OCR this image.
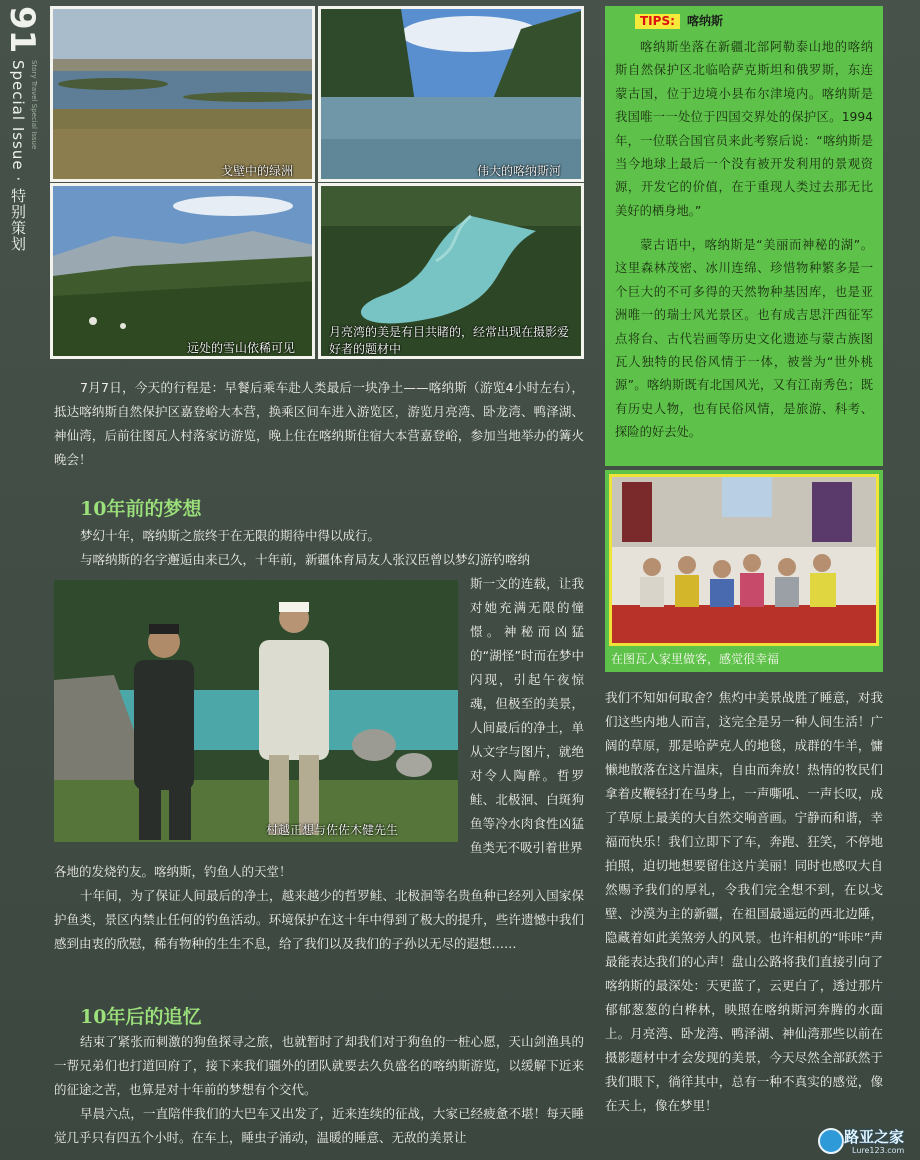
91
Special Issue · 特别策划 Story Travel Special Issue
戈壁中的绿洲	伟大的喀纳斯河
远处的雪山依稀可见
月亮湾的美是有目共睹的，经常出现在摄影爱好者的题材中

7月7日，今天的行程是：早餐后乘车赴人类最后一块净土——喀纳斯（游览4小时左右），抵达喀纳斯自然保护区嘉登峪大本营，换乘区间车进入游览区，游览月亮湾、卧龙湾、鸭泽湖、神仙湾，后前往图瓦人村落家访游览，晚上住在喀纳斯住宿大本营嘉登峪，参加当地举办的篝火晚会！

10年前的梦想

梦幻十年，喀纳斯之旅终于在无限的期待中得以成行。

与喀纳斯的名字邂逅由来已久，十年前，新疆体育局友人张汉臣曾以梦幻游钓喀纳

村越正想与佐佐木健先生

斯一文的连载，让我对她充满无限的憧憬。神秘而凶猛的“湖怪”时而在梦中闪现，引起午夜惊魂，但极至的美景，人间最后的净土，单从文字与图片，就绝对令人陶醉。哲罗鲑、北极洄、白斑狗鱼等冷水肉食性凶猛鱼类无不吸引着世界

各地的发烧钓友。喀纳斯，钓鱼人的天堂！

十年间，为了保证人间最后的净土，越来越少的哲罗鲑、北极洄等名贵鱼种已经列入国家保护鱼类，景区内禁止任何的钓鱼活动。环境保护在这十年中得到了极大的提升，些许遗憾中我们感到由衷的欣慰，稀有物种的生生不息，给了我们以及我们的子孙以无尽的遐想……

10年后的追忆

结束了紧张而刺激的狗鱼探寻之旅，也就暂时了却我们对于狗鱼的一桩心愿，天山剑渔具的一帮兄弟们也打道回府了，接下来我们疆外的团队就要去久负盛名的喀纳斯游览，以缓解下近来的征途之苦，也算是对十年前的梦想有个交代。

早晨六点，一直陪伴我们的大巴车又出发了，近来连续的征战，大家已经疲惫不堪！每天睡觉几乎只有四五个小时。在车上，睡虫子涌动，温暖的睡意、无敌的美景让

我们不知如何取舍？焦灼中美景战胜了睡意，对我们这些内地人而言，这完全是另一种人间生活！广阔的草原，那是哈萨克人的地毯，成群的牛羊，慵懒地散落在这片温床，自由而奔放！热情的牧民们拿着皮鞭轻打在马身上，一声嘶吼、一声长叹，成了草原上最美的大自然交响音画。宁静而和谐，幸福而快乐！我们立即下了车，奔跑、狂笑，不停地拍照，迫切地想要留住这片美丽！同时也感叹大自然赐予我们的厚礼，令我们完全想不到，在以戈壁、沙漠为主的新疆，在祖国最遥远的西北边陲，隐藏着如此美煞旁人的风景。也许相机的“咔咔”声最能表达我们的心声！盘山公路将我们直接引向了喀纳斯的最深处：天更蓝了，云更白了，透过那片郁郁葱葱的白桦林，映照在喀纳斯河奔腾的水面上。月亮湾、卧龙湾、鸭泽湖、神仙湾那些以前在摄影题材中才会发现的美景，今天尽然全部跃然于我们眼下，徜徉其中，总有一种不真实的感觉，像在天上，像在梦里！

TIPS:	喀纳斯

喀纳斯坐落在新疆北部阿勒泰山地的喀纳斯自然保护区北临哈萨克斯坦和俄罗斯，东连蒙古国，位于边境小县布尔津境内。喀纳斯是我国唯一一处位于四国交界处的保护区。1994年，一位联合国官员来此考察后说：“喀纳斯是当今地球上最后一个没有被开发利用的景观资源，开发它的价值，在于重现人类过去那无比美好的栖身地。”

蒙古语中，喀纳斯是“美丽而神秘的湖”。这里森林茂密、冰川连绵、珍惜物种繁多是一个巨大的不可多得的天然物种基因库，也是亚洲唯一的瑞士风光景区。也有成吉思汗西征军点将台、古代岩画等历史文化遗迹与蒙古族图瓦人独特的民俗风情于一体，被誉为“世外桃源”。喀纳斯既有北国风光，又有江南秀色；既有历史人物，也有民俗风情，是旅游、科考、探险的好去处。

在图瓦人家里做客，感觉很幸福
路亚之家
Lure123.com
